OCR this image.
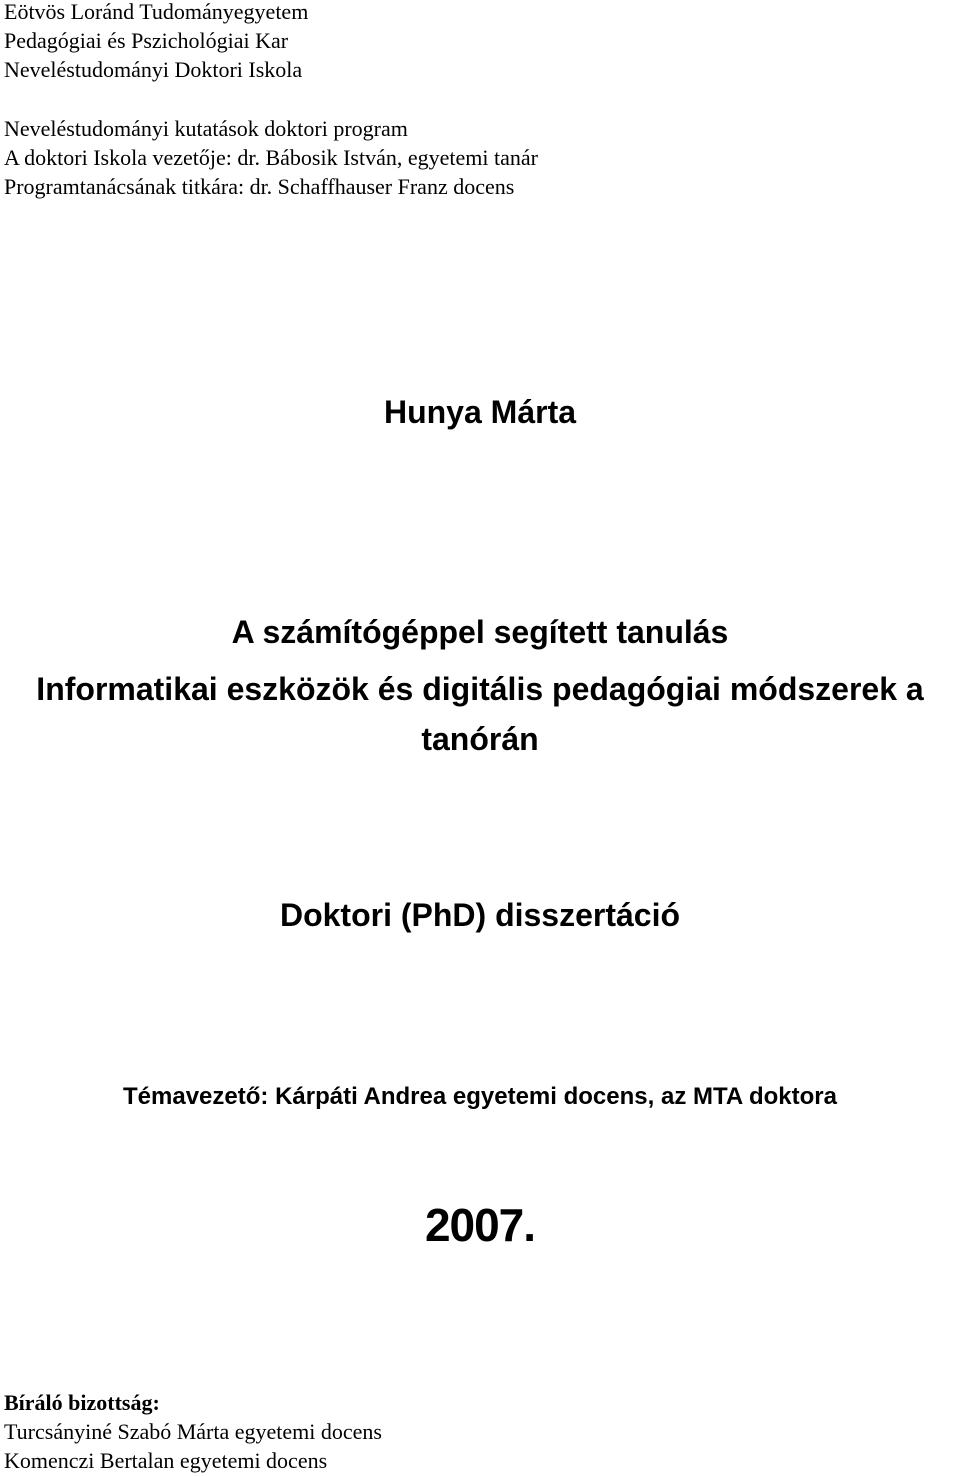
Eötvös Loránd Tudományegyetem
Pedagógiai és Pszichológiai Kar
Neveléstudományi Doktori Iskola
Neveléstudományi kutatások doktori program
A doktori Iskola vezetője: dr. Bábosik István, egyetemi tanár
Programtanácsának titkára: dr. Schaffhauser Franz docens
Hunya Márta
A számítógéppel segített tanulás
Informatikai eszközök és digitális pedagógiai módszerek a tanórán
Doktori (PhD) disszertáció
Témavezető: Kárpáti Andrea egyetemi docens, az MTA doktora
2007.
Bíráló bizottság:
Turcsányiné Szabó Márta egyetemi docens
Komenczi Bertalan egyetemi docens
